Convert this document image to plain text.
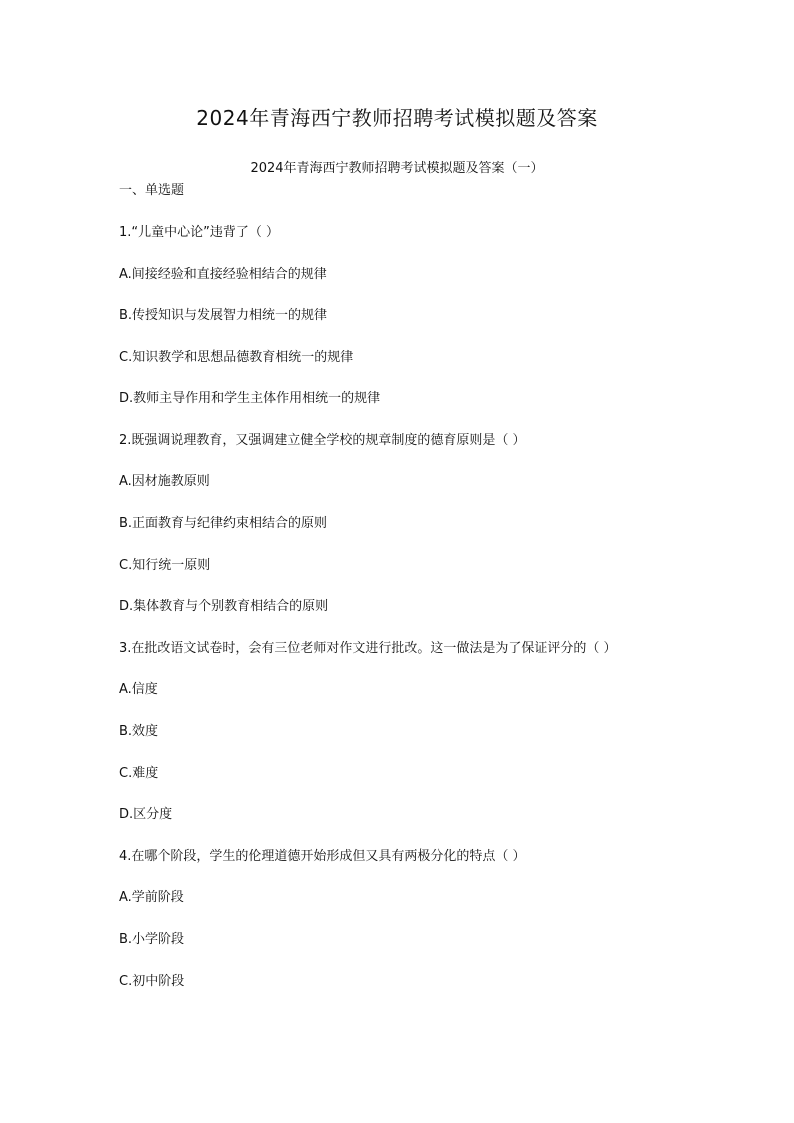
2024年青海西宁教师招聘考试模拟题及答案
2024年青海西宁教师招聘考试模拟题及答案（一）
一、单选题
1.“儿童中心论”违背了（ ）
A.间接经验和直接经验相结合的规律
B.传授知识与发展智力相统一的规律
C.知识教学和思想品德教育相统一的规律
D.教师主导作用和学生主体作用相统一的规律
2.既强调说理教育，又强调建立健全学校的规章制度的德育原则是（ ）
A.因材施教原则
B.正面教育与纪律约束相结合的原则
C.知行统一原则
D.集体教育与个别教育相结合的原则
3.在批改语文试卷时，会有三位老师对作文进行批改。这一做法是为了保证评分的（ ）
A.信度
B.效度
C.难度
D.区分度
4.在哪个阶段，学生的伦理道德开始形成但又具有两极分化的特点（ ）
A.学前阶段
B.小学阶段
C.初中阶段
